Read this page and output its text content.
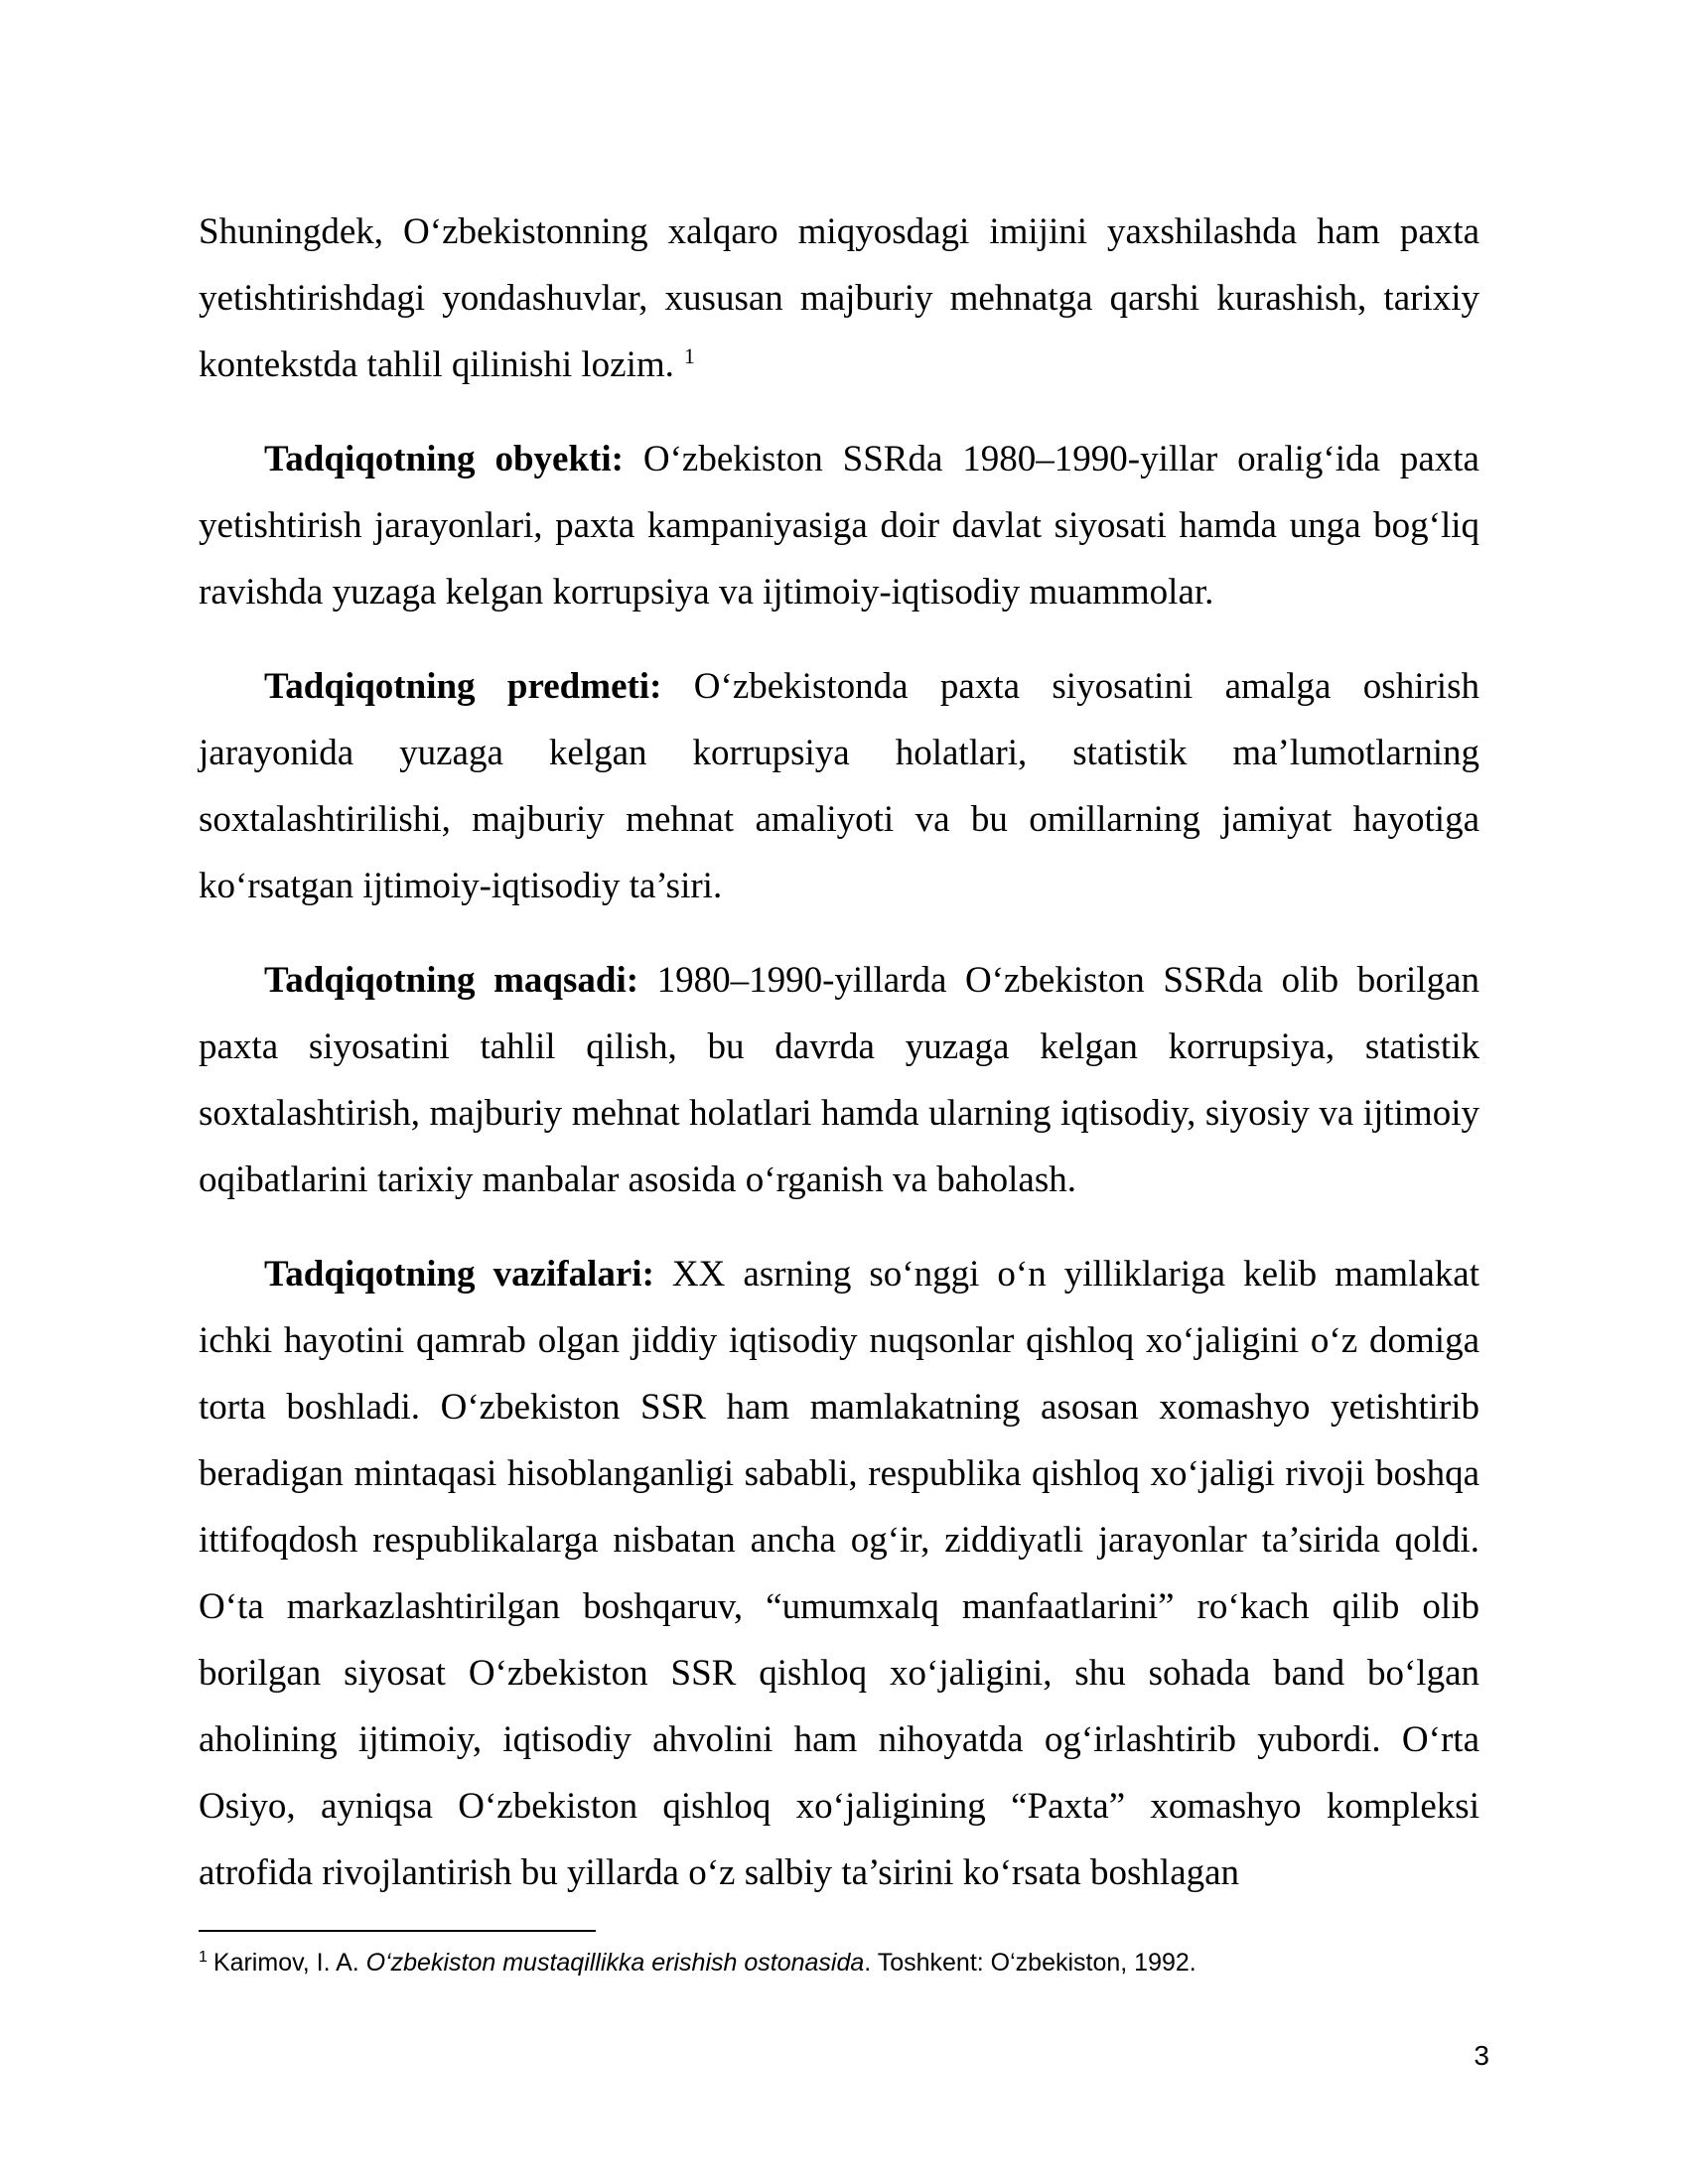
Shuningdek, O‘zbekistonning xalqaro miqyosdagi imijini yaxshilashda ham paxta yetishtirishdagi yondashuvlar, xususan majburiy mehnatga qarshi kurashish, tarixiy kontekstda tahlil qilinishi lozim. $^1$

Tadqiqotning obyekti: O‘zbekiston SSRda 1980–1990-yillar oralig‘ida paxta yetishtirish jarayonlari, paxta kampaniyasiga doir davlat siyosati hamda unga bog‘liq ravishda yuzaga kelgan korrupsiya va ijtimoiy-iqtisodiy muammolar.

Tadqiqotning predmeti: O‘zbekistonda paxta siyosatini amalga oshirish jarayonida yuzaga kelgan korrupsiya holatlari, statistik ma’lumotlarning soxtalashtirilishi, majburiy mehnat amaliyoti va bu omillarning jamiyat hayotiga ko‘rsatgan ijtimoiy-iqtisodiy ta’siri.

Tadqiqotning maqsadi: 1980–1990-yillarda O‘zbekiston SSRda olib borilgan paxta siyosatini tahlil qilish, bu davrda yuzaga kelgan korrupsiya, statistik soxtalashtirish, majburiy mehnat holatlari hamda ularning iqtisodiy, siyosiy va ijtimoiy oqibatlarini tarixiy manbalar asosida o‘rganish va baholash.

Tadqiqotning vazifalari: XX asrning so‘nggi o‘n yilliklariga kelib mamlakat ichki hayotini qamrab olgan jiddiy iqtisodiy nuqsonlar qishloq xo‘jaligini o‘z domiga torta boshladi. O‘zbekiston SSR ham mamlakatning asosan xomashyo yetishtirib beradigan mintaqasi hisoblanganligi sababli, respublika qishloq xo‘jaligi rivoji boshqa ittifoqdosh respublikalarga nisbatan ancha og‘ir, ziddiyatli jarayonlar ta’sirida qoldi. O‘ta markazlashtirilgan boshqaruv, “umumxalq manfaatlarini” ro‘kach qilib olib borilgan siyosat O‘zbekiston SSR qishloq xo‘jaligini, shu sohada band bo‘lgan aholining ijtimoiy, iqtisodiy ahvolini ham nihoyatda og‘irlashtirib yubordi. O‘rta Osiyo, ayniqsa O‘zbekiston qishloq xo‘jaligining “Paxta” xomashyo kompleksi atrofida rivojlantirish bu yillarda o‘z salbiy ta’sirini ko‘rsata boshlagan

$^1$ Karimov, I. A. O‘zbekiston mustaqillikka erishish ostonasida. Toshkent: O‘zbekiston, 1992.
3
